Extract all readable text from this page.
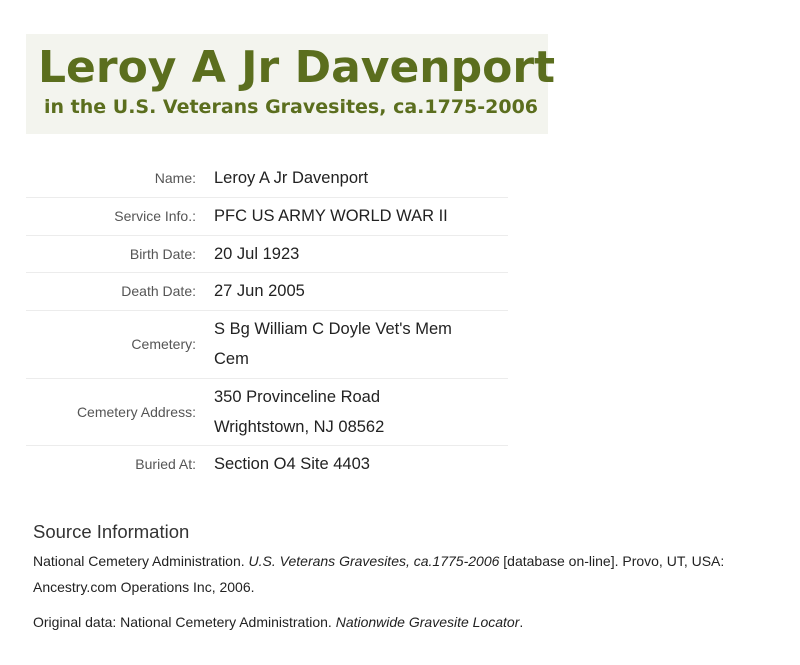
Leroy A Jr Davenport
in the U.S. Veterans Gravesites, ca.1775-2006
Name:	Leroy A Jr Davenport
Service Info.:	PFC US ARMY WORLD WAR II
Birth Date:	20 Jul 1923
Death Date:	27 Jun 2005
Cemetery:	S Bg William C Doyle Vet's Mem
Cem

Cemetery Address:	350 Provinceline Road
Wrightstown, NJ 08562

Buried At:	Section O4 Site 4403
Source Information
National Cemetery Administration. U.S. Veterans Gravesites, ca.1775-2006 [database on-line]. Provo, UT, USA: Ancestry.com Operations Inc, 2006.
Original data: National Cemetery Administration. Nationwide Gravesite Locator.
